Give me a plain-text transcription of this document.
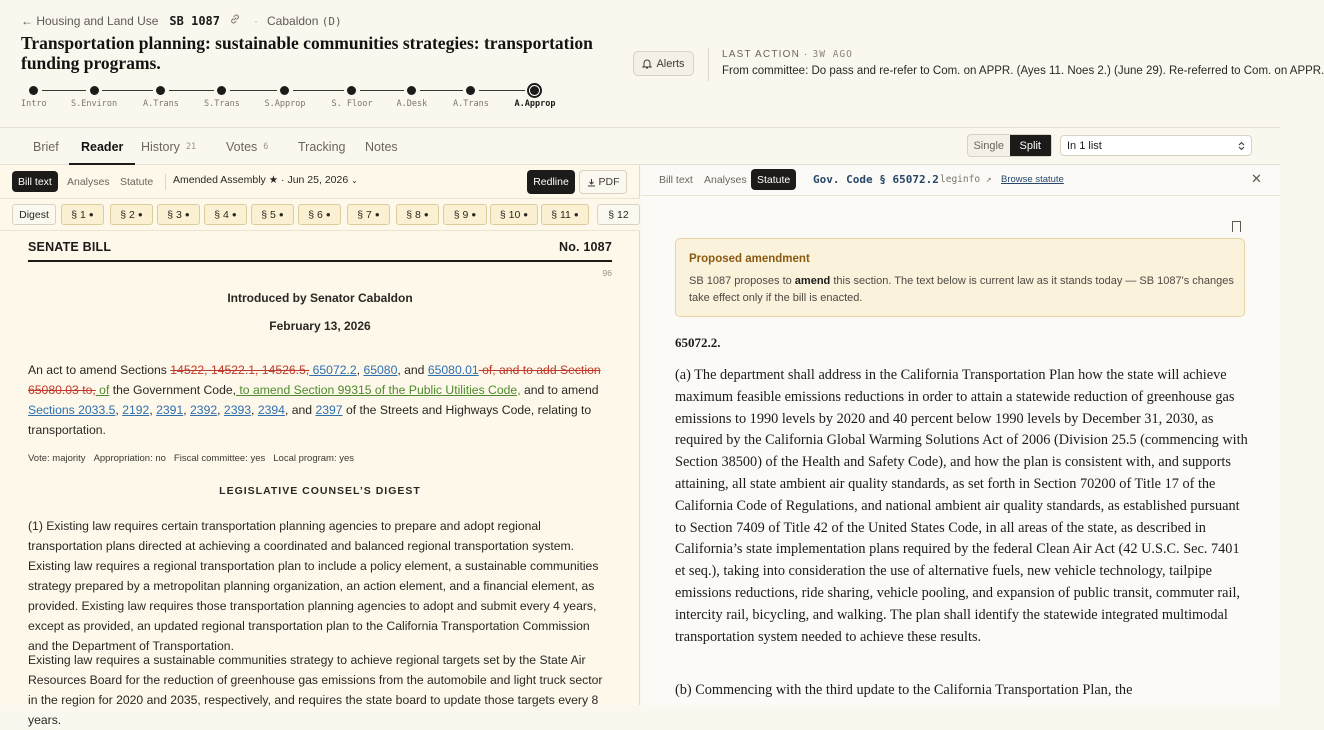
← Housing and Land Use SB 1087	· Cabaldon (D)
Transportation planning: sustainable communities strategies: transportation funding programs.
Intro	S.Environ	A.Trans	S.Trans	S.Approp	S. Floor	A.Desk	A.Trans	A.Approp
Alerts
LAST ACTION · 3W AGO
From committee: Do pass and re-refer to Com. on APPR. (Ayes 11. Noes 2.) (June 29). Re-referred to Com. on APPR.
Brief Reader History 21 Votes 6 Tracking Notes	Single	Split	In 1 list
Bill text	Analyses Statute	Amended Assembly ★ · Jun 25, 2026 ⌄	Redline	PDF
Digest § 1 ●	§ 2 ● § 3 ● § 4 ● § 5 ● § 6 ●	§ 7 ●	§ 8 ● § 9 ● § 10 ● § 11 ●	§ 12
SENATE BILL	No. 1087
96
Introduced by Senator Cabaldon
February 13, 2026
An act to amend Sections 14522, 14522.1, 14526.5, 65072.2, 65080, and 65080.01 of, and to add Section 65080.03 to, of the Government Code, to amend Section 99315 of the Public Utilities Code, and to amend Sections 2033.5, 2192, 2391, 2392, 2393, 2394, and 2397 of the Streets and Highways Code, relating to transportation.
Vote: majority Appropriation: no Fiscal committee: yes Local program: yes
LEGISLATIVE COUNSEL’S DIGEST
(1) Existing law requires certain transportation planning agencies to prepare and adopt regional transportation plans directed at achieving a coordinated and balanced regional transportation system. Existing law requires a regional transportation plan to include a policy element, a sustainable communities strategy prepared by a metropolitan planning organization, an action element, and a financial element, as provided. Existing law requires those transportation planning agencies to adopt and submit every 4 years, except as provided, an updated regional transportation plan to the California Transportation Commission and the Department of Transportation.
Existing law requires a sustainable communities strategy to achieve regional targets set by the State Air Resources Board for the reduction of greenhouse gas emissions from the automobile and light truck sector in the region for 2020 and 2035, respectively, and requires the state board to update those targets every 8 years.
Bill text	Analyses Statute	Gov. Code § 65072.2 leginfo ↗ Browse statute	✕
Proposed amendment
SB 1087 proposes to amend this section. The text below is current law as it stands today — SB 1087's changes take effect only if the bill is enacted.
65072.2.
(a) The department shall address in the California Transportation Plan how the state will achieve maximum feasible emissions reductions in order to attain a statewide reduction of greenhouse gas emissions to 1990 levels by 2020 and 40 percent below 1990 levels by December 31, 2030, as required by the California Global Warming Solutions Act of 2006 (Division 25.5 (commencing with Section 38500) of the Health and Safety Code), and how the plan is consistent with, and supports attaining, all state ambient air quality standards, as set forth in Section 70200 of Title 17 of the California Code of Regulations, and national ambient air quality standards, as established pursuant to Section 7409 of Title 42 of the United States Code, in all areas of the state, as described in California’s state implementation plans required by the federal Clean Air Act (42 U.S.C. Sec. 7401 et seq.), taking into consideration the use of alternative fuels, new vehicle technology, tailpipe emissions reductions, ride sharing, vehicle pooling, and expansion of public transit, commuter rail, intercity rail, bicycling, and walking. The plan shall identify the statewide integrated multimodal transportation system needed to achieve these results.
(b) Commencing with the third update to the California Transportation Plan, the
